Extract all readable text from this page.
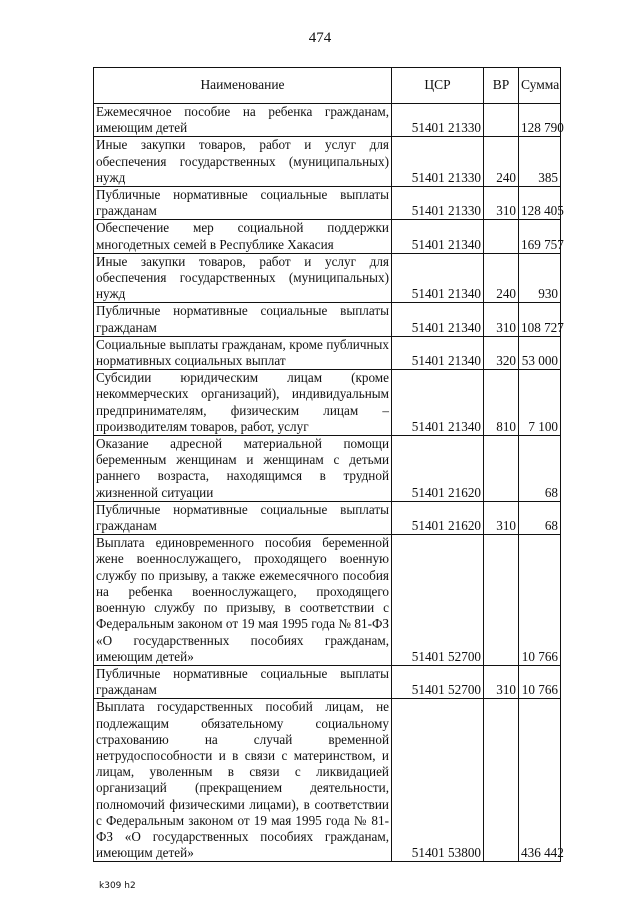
474
Наименование	ЦСР	ВР	Сумма
Ежемесячное пособие на ребенка гражданам, имеющим детей	51401 21330		128 790
Иные закупки товаров, работ и услуг для обеспечения государственных (муниципальных) нужд	51401 21330	240	385
Публичные нормативные социальные выплаты гражданам	51401 21330	310	128 405
Обеспечение мер социальной поддержки многодетных семей в Республике Хакасия	51401 21340		169 757
Иные закупки товаров, работ и услуг для обеспечения государственных (муниципальных) нужд	51401 21340	240	930
Публичные нормативные социальные выплаты гражданам	51401 21340	310	108 727
Социальные выплаты гражданам, кроме публичных нормативных социальных выплат	51401 21340	320	53 000
Субсидии юридическим лицам (кроме некоммерческих организаций), индивидуальным предпринимателям, физическим лицам – производителям товаров, работ, услуг	51401 21340	810	7 100
Оказание адресной материальной помощи беременным женщинам и женщинам с детьми раннего возраста, находящимся в трудной жизненной ситуации	51401 21620		68
Публичные нормативные социальные выплаты гражданам	51401 21620	310	68
Выплата единовременного пособия беременной жене военнослужащего, проходящего военную службу по призыву, а также ежемесячного пособия на ребенка военнослужащего, проходящего военную службу по призыву, в соответствии с Федеральным законом от 19 мая 1995 года № 81-ФЗ «О государственных пособиях гражданам, имеющим детей»	51401 52700		10 766
Публичные нормативные социальные выплаты гражданам	51401 52700	310	10 766
Выплата государственных пособий лицам, не подлежащим обязательному социальному страхованию на случай временной нетрудоспособности и в связи с материнством, и лицам, уволенным в связи с ликвидацией организаций (прекращением деятельности, полномочий физическими лицами), в соответствии с Федеральным законом от 19 мая 1995 года № 81-ФЗ «О государственных пособиях гражданам, имеющим детей»	51401 53800		436 442
k309 h2
